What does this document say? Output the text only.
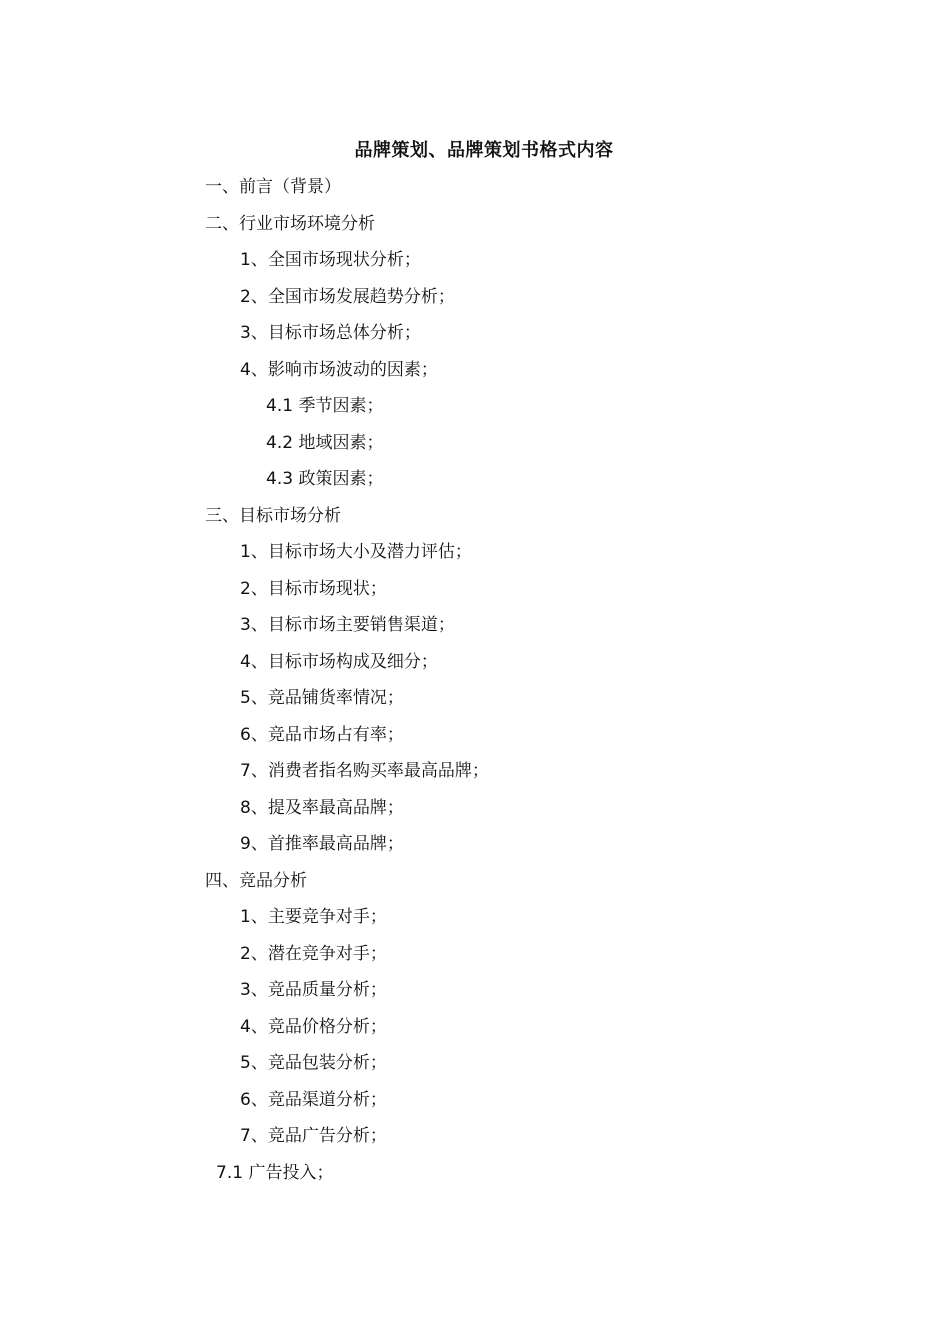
品牌策划、品牌策划书格式内容
一、前言（背景）
二、行业市场环境分析
1、全国市场现状分析；
2、全国市场发展趋势分析；
3、目标市场总体分析；
4、影响市场波动的因素；
4.1 季节因素；
4.2 地域因素；
4.3 政策因素；
三、目标市场分析
1、目标市场大小及潜力评估；
2、目标市场现状；
3、目标市场主要销售渠道；
4、目标市场构成及细分；
5、竞品铺货率情况；
6、竞品市场占有率；
7、消费者指名购买率最高品牌；
8、提及率最高品牌；
9、首推率最高品牌；
四、竞品分析
1、主要竞争对手；
2、潜在竞争对手；
3、竞品质量分析；
4、竞品价格分析；
5、竞品包装分析；
6、竞品渠道分析；
7、竞品广告分析；
7.1 广告投入；
